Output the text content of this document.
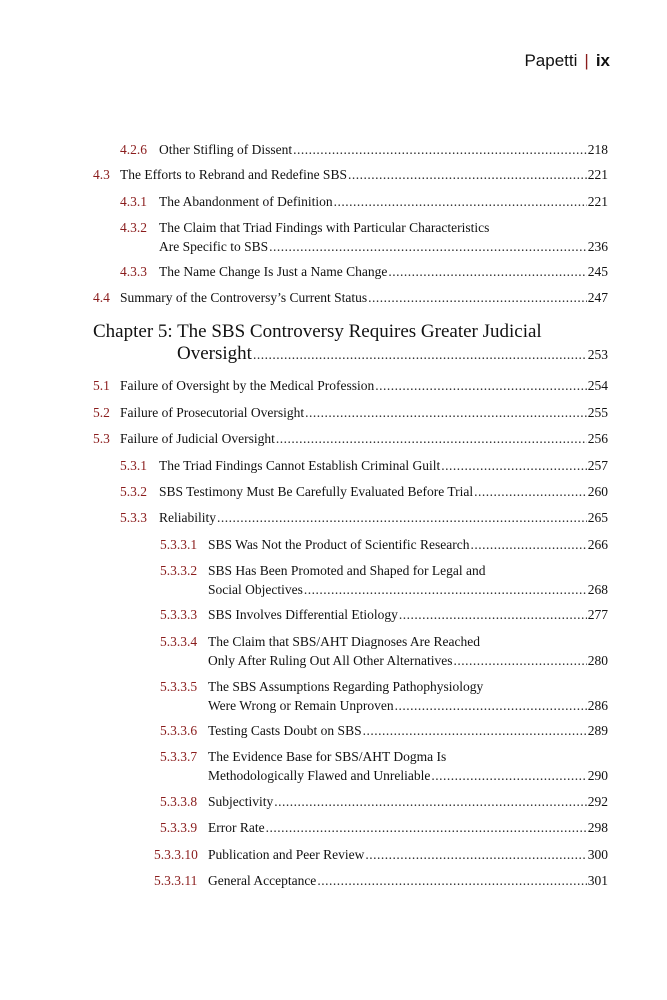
Papetti | ix
4.2.6 Other Stifling of Dissent .....	218
4.3 The Efforts to Rebrand and Redefine SBS .....	221
4.3.1 The Abandonment of Definition .....	221
4.3.2 The Claim that Triad Findings with Particular Characteristics
Are Specific to SBS .....	236
4.3.3 The Name Change Is Just a Name Change .....	245
4.4 Summary of the Controversy’s Current Status .....	247
Chapter 5: The SBS Controversy Requires Greater Judicial
Oversight .....	253
5.1 Failure of Oversight by the Medical Profession .....	254
5.2 Failure of Prosecutorial Oversight .....	255
5.3 Failure of Judicial Oversight .....	256
5.3.1 The Triad Findings Cannot Establish Criminal Guilt .....	257
5.3.2 SBS Testimony Must Be Carefully Evaluated Before Trial .....	260
5.3.3 Reliability .....	265
5.3.3.1 SBS Was Not the Product of Scientific Research .....	266
5.3.3.2 SBS Has Been Promoted and Shaped for Legal and
Social Objectives .....	268
5.3.3.3 SBS Involves Differential Etiology .....	277
5.3.3.4 The Claim that SBS/AHT Diagnoses Are Reached
Only After Ruling Out All Other Alternatives .....	280
5.3.3.5 The SBS Assumptions Regarding Pathophysiology
Were Wrong or Remain Unproven .....	286
5.3.3.6 Testing Casts Doubt on SBS .....	289
5.3.3.7 The Evidence Base for SBS/AHT Dogma Is
Methodologically Flawed and Unreliable .....	290
5.3.3.8 Subjectivity .....	292
5.3.3.9 Error Rate .....	298
5.3.3.10 Publication and Peer Review .....	300
5.3.3.11 General Acceptance .....	301
